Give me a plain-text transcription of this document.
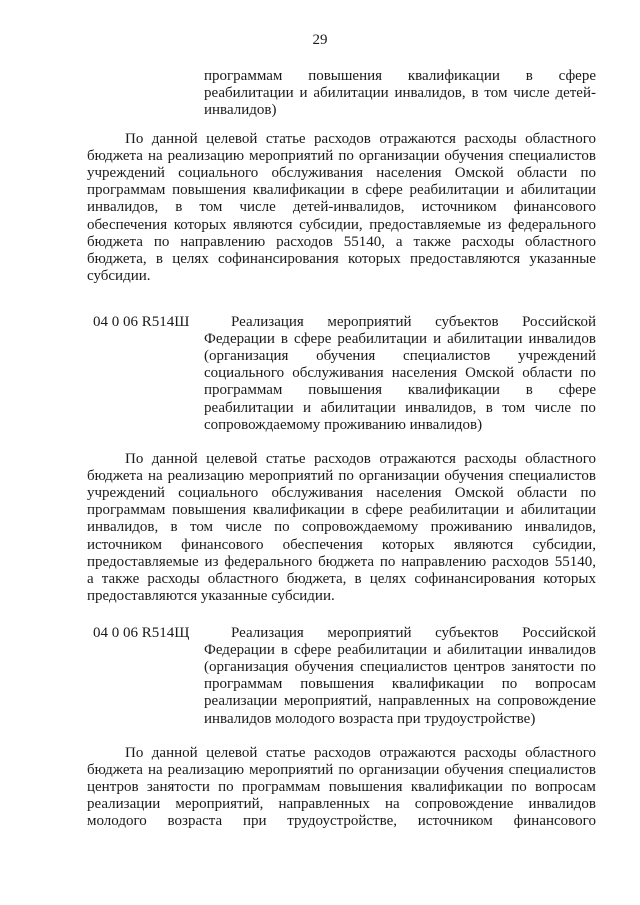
29
программам повышения квалификации в сфере
реабилитации и абилитации инвалидов, в том числе детей-
инвалидов)
По данной целевой статье расходов отражаются расходы областного
бюджета на реализацию мероприятий по организации обучения специалистов
учреждений социального обслуживания населения Омской области по
программам повышения квалификации в сфере реабилитации и абилитации
инвалидов, в том числе детей-инвалидов, источником финансового
обеспечения которых являются субсидии, предоставляемые из федерального
бюджета по направлению расходов 55140, а также расходы областного
бюджета, в целях софинансирования которых предоставляются указанные
субсидии.
04 0 06 R514Ш	Реализация мероприятий субъектов Российской
Федерации в сфере реабилитации и абилитации инвалидов
(организация обучения специалистов учреждений
социального обслуживания населения Омской области по
программам повышения квалификации в сфере
реабилитации и абилитации инвалидов, в том числе по
сопровождаемому проживанию инвалидов)
По данной целевой статье расходов отражаются расходы областного
бюджета на реализацию мероприятий по организации обучения специалистов
учреждений социального обслуживания населения Омской области по
программам повышения квалификации в сфере реабилитации и абилитации
инвалидов, в том числе по сопровождаемому проживанию инвалидов,
источником финансового обеспечения которых являются субсидии,
предоставляемые из федерального бюджета по направлению расходов 55140,
а также расходы областного бюджета, в целях софинансирования которых
предоставляются указанные субсидии.
04 0 06 R514Щ	Реализация мероприятий субъектов Российской
Федерации в сфере реабилитации и абилитации инвалидов
(организация обучения специалистов центров занятости по
программам повышения квалификации по вопросам
реализации мероприятий, направленных на сопровождение
инвалидов молодого возраста при трудоустройстве)
По данной целевой статье расходов отражаются расходы областного
бюджета на реализацию мероприятий по организации обучения специалистов
центров занятости по программам повышения квалификации по вопросам
реализации мероприятий, направленных на сопровождение инвалидов
молодого возраста при трудоустройстве, источником финансового
